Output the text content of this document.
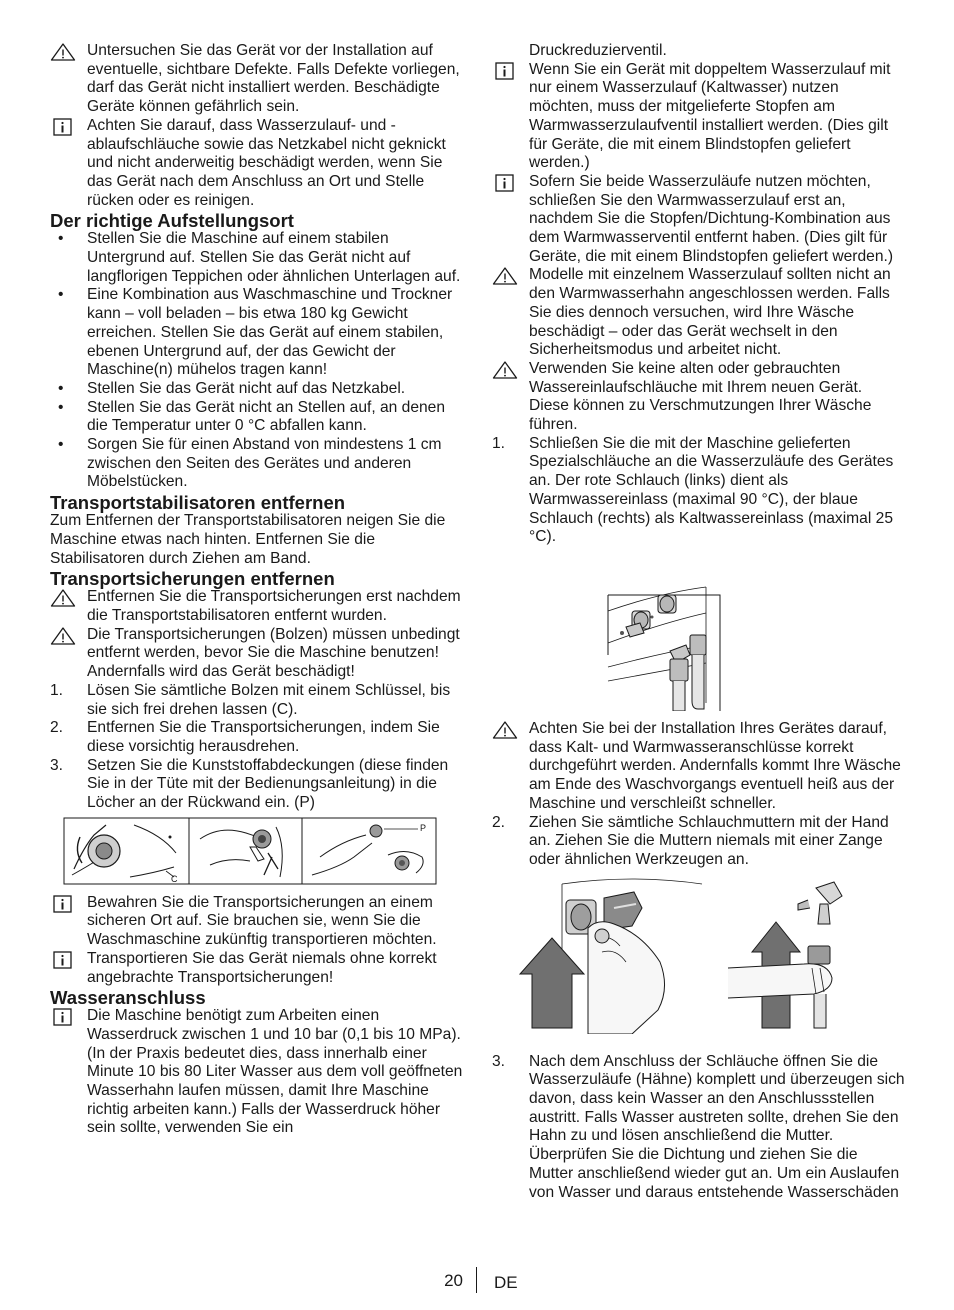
Untersuchen Sie das Gerät vor der Installation auf eventuelle, sichtbare Defekte. Falls Defekte vorliegen, darf das Gerät nicht installiert werden. Beschädigte Geräte können gefährlich sein.
Achten Sie darauf, dass Wasserzulauf- und -ablaufschläuche sowie das Netzkabel nicht geknickt und nicht anderweitig beschädigt werden, wenn Sie das Gerät nach dem Anschluss an Ort und Stelle rücken oder es reinigen.
Der richtige Aufstellungsort
• Stellen Sie die Maschine auf einem stabilen Untergrund auf. Stellen Sie das Gerät nicht auf langflorigen Teppichen oder ähnlichen Unterlagen auf.
• Eine Kombination aus Waschmaschine und Trockner kann – voll beladen – bis etwa 180 kg Gewicht erreichen. Stellen Sie das Gerät auf einem stabilen, ebenen Untergrund auf, der das Gewicht der Maschine(n) mühelos tragen kann!
• Stellen Sie das Gerät nicht auf das Netzkabel.
• Stellen Sie das Gerät nicht an Stellen auf, an denen die Temperatur unter 0 °C abfallen kann.
• Sorgen Sie für einen Abstand von mindestens 1 cm zwischen den Seiten des Gerätes und anderen Möbelstücken.
Transportstabilisatoren entfernen

Zum Entfernen der Transportstabilisatoren neigen Sie die Maschine etwas nach hinten. Entfernen Sie die Stabilisatoren durch Ziehen am Band.

Transportsicherungen entfernen
Entfernen Sie die Transportsicherungen erst nachdem die Transportstabilisatoren entfernt wurden.
Die Transportsicherungen (Bolzen) müssen unbedingt entfernt werden, bevor Sie die Maschine benutzen! Andernfalls wird das Gerät beschädigt!
1. Lösen Sie sämtliche Bolzen mit einem Schlüssel, bis sie sich frei drehen lassen (C).
2. Entfernen Sie die Transportsicherungen, indem Sie diese vorsichtig herausdrehen.
3. Setzen Sie die Kunststoffabdeckungen (diese finden Sie in der Tüte mit der Bedienungsanleitung) in die Löcher an der Rückwand ein. (P)
C
P
Bewahren Sie die Transportsicherungen an einem sicheren Ort auf. Sie brauchen sie, wenn Sie die Waschmaschine zukünftig transportieren möchten.
Transportieren Sie das Gerät niemals ohne korrekt angebrachte Transportsicherungen!
Wasseranschluss
Die Maschine benötigt zum Arbeiten einen Wasserdruck zwischen 1 und 10 bar (0,1 bis 10 MPa). (In der Praxis bedeutet dies, dass innerhalb einer Minute 10 bis 80 Liter Wasser aus dem voll geöffneten Wasserhahn laufen müssen, damit Ihre Maschine richtig arbeiten kann.) Falls der Wasserdruck höher sein sollte, verwenden Sie ein

Druckreduzierventil.

Wenn Sie ein Gerät mit doppeltem Wasserzulauf mit nur einem Wasserzulauf (Kaltwasser) nutzen möchten, muss der mitgelieferte Stopfen am Warmwasserzulaufventil installiert werden. (Dies gilt für Geräte, die mit einem Blindstopfen geliefert werden.)
Sofern Sie beide Wasserzuläufe nutzen möchten, schließen Sie den Warmwasserzulauf erst an, nachdem Sie die Stopfen/Dichtung-Kombination aus dem Warmwasserventil entfernt haben. (Dies gilt für Geräte, die mit einem Blindstopfen geliefert werden.)
Modelle mit einzelnem Wasserzulauf sollten nicht an den Warmwasserhahn angeschlossen werden. Falls Sie dies dennoch versuchen, wird Ihre Wäsche beschädigt – oder das Gerät wechselt in den Sicherheitsmodus und arbeitet nicht.
Verwenden Sie keine alten oder gebrauchten Wassereinlaufschläuche mit Ihrem neuen Gerät. Diese können zu Verschmutzungen Ihrer Wäsche führen.
1. Schließen Sie die mit der Maschine gelieferten Spezialschläuche an die Wasserzuläufe des Gerätes an. Der rote Schlauch (links) dient als Warmwassereinlass (maximal 90 °C), der blaue Schlauch (rechts) als Kaltwassereinlass (maximal 25 °C).
Achten Sie bei der Installation Ihres Gerätes darauf, dass Kalt- und Warmwasseranschlüsse korrekt durchgeführt werden. Andernfalls kommt Ihre Wäsche am Ende des Waschvorgangs eventuell heiß aus der Maschine und verschleißt schneller.
2. Ziehen Sie sämtliche Schlauchmuttern mit der Hand an. Ziehen Sie die Muttern niemals mit einer Zange oder ähnlichen Werkzeugen an.
3. Nach dem Anschluss der Schläuche öffnen Sie die Wasserzuläufe (Hähne) komplett und überzeugen sich davon, dass kein Wasser an den Anschlussstellen austritt. Falls Wasser austreten sollte, drehen Sie den Hahn zu und lösen anschließend die Mutter. Überprüfen Sie die Dichtung und ziehen Sie die Mutter anschließend wieder gut an. Um ein Auslaufen von Wasser und daraus entstehende Wasserschäden
20 DE
